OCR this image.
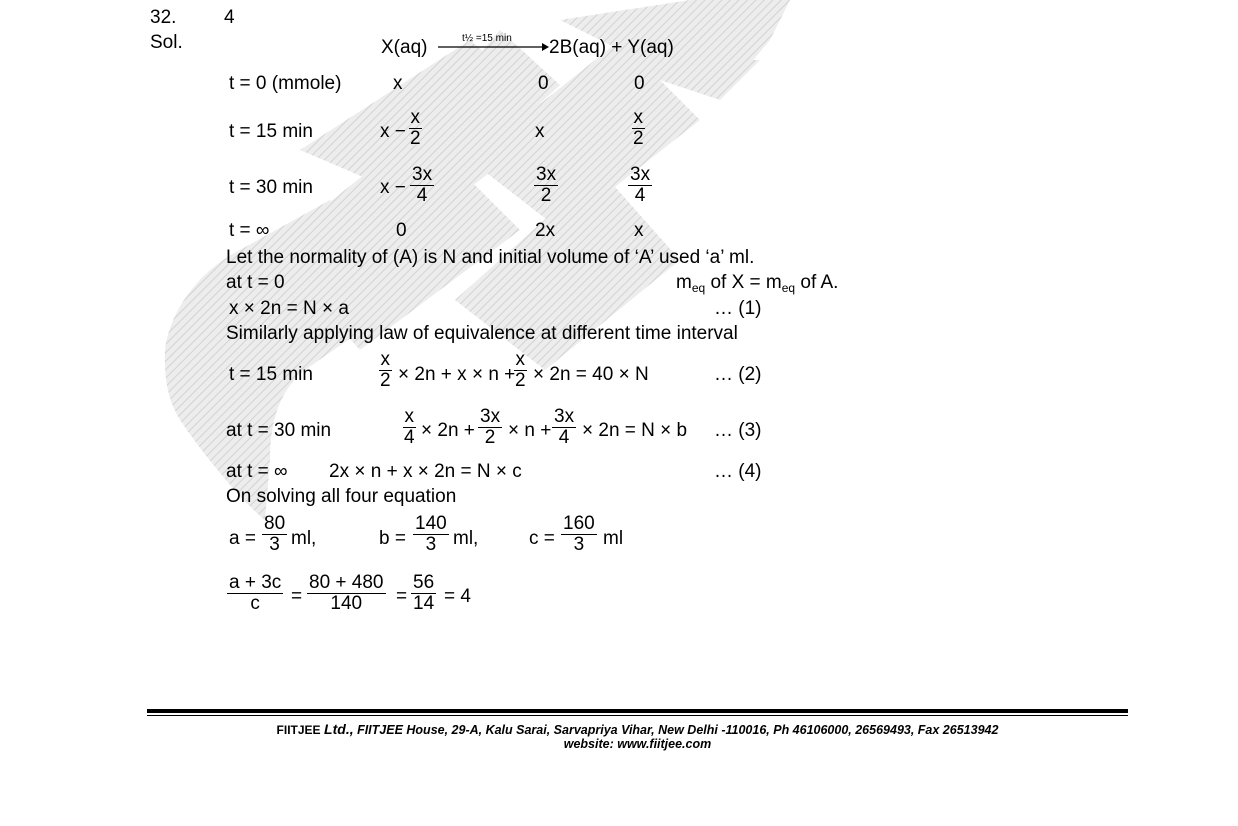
32.	4
Sol.	X(aq)	t½ =15 min 2B(aq) + Y(aq)
t = 0 (mmole)	x	0	0
t = 15 min	$x - \frac{x}{2}$	x	$\frac{x}{2}$
t = 30 min	$x - \frac{3x}{4}$	$\frac{3x}{2}$	$\frac{3x}{4}$
t = ∞	0	2x	x
Let the normality of (A) is N and initial volume of ‘A’ used ‘a’ ml.
at t = 0	$m_{eq}$ of $X = m_{eq}$ of A.
x × 2n = N × a	… (1)
Similarly applying law of equivalence at different time interval
t = 15 min	$\frac{x}{2} \times 2n + x \times n$ +
$\frac{x}{2} \times 2n = 40 \times N$	… (2)
at t = 30 min	$\frac{x}{4} \times 2n + \frac{3x}{2} \times n + \frac{3x}{4} \times 2n = N \times b$ … (3)
at t = ∞ 2x × n + x × 2n = N × c	… (4)
On solving all four equation
$a = \frac{80}{3}$ ml,	$b = \frac{140}{3}$ ml,	$c = \frac{160}{3}$ ml
$\frac{a + 3c}{c} = \frac{80 + 480}{140} = \frac{56}{14} = 4$
FIITJEE Ltd., FIITJEE House, 29-A, Kalu Sarai, Sarvapriya Vihar, New Delhi -110016, Ph 46106000, 26569493, Fax 26513942
website: www.fiitjee.com
